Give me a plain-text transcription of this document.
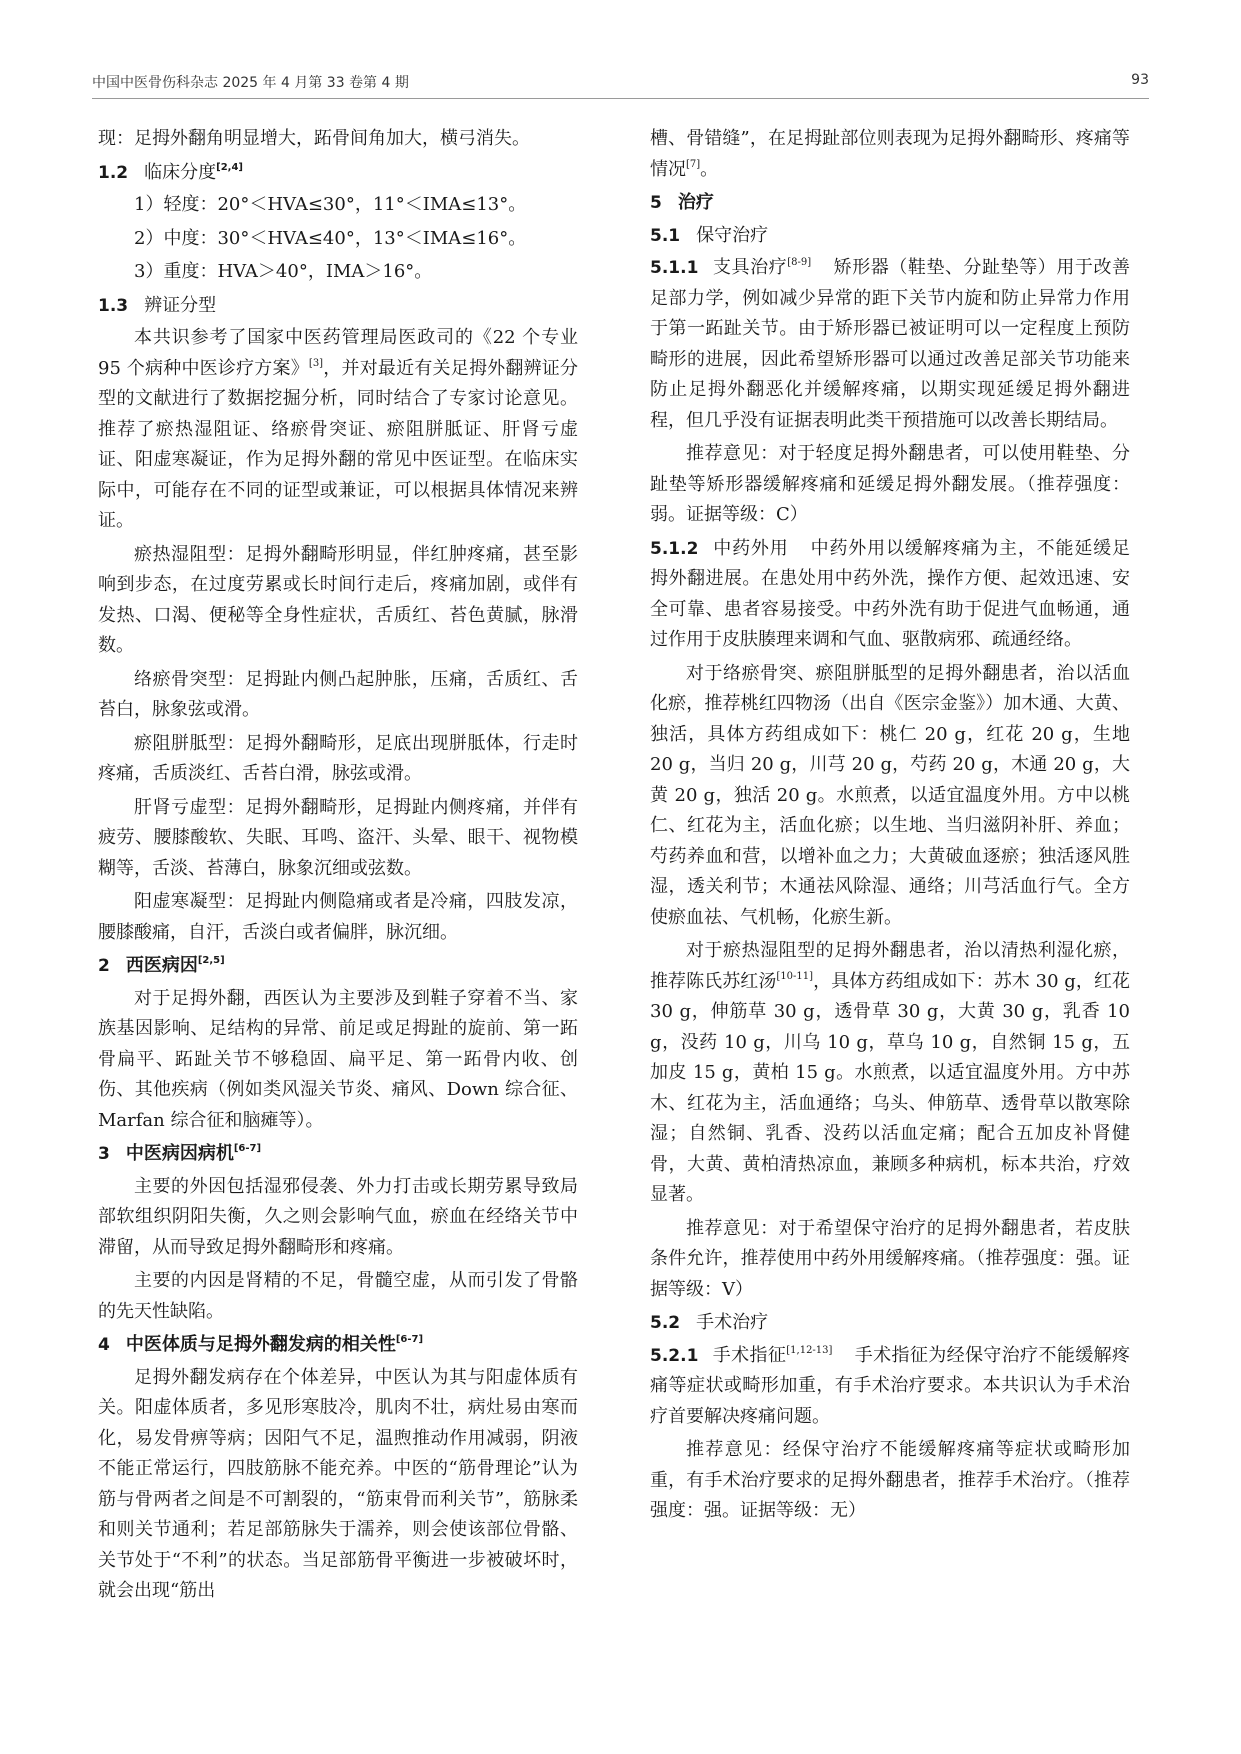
中国中医骨伤科杂志 2025 年 4 月第 33 卷第 4 期	93

现：足拇外翻角明显增大，跖骨间角加大，横弓消失。

1.2 临床分度[2,4]

1）轻度：20°＜HVA≤30°，11°＜IMA≤13°。

2）中度：30°＜HVA≤40°，13°＜IMA≤16°。

3）重度：HVA＞40°，IMA＞16°。

1.3 辨证分型

本共识参考了国家中医药管理局医政司的《22 个专业 95 个病种中医诊疗方案》[3]，并对最近有关足拇外翻辨证分型的文献进行了数据挖掘分析，同时结合了专家讨论意见。推荐了瘀热湿阻证、络瘀骨突证、瘀阻胼胝证、肝肾亏虚证、阳虚寒凝证，作为足拇外翻的常见中医证型。在临床实际中，可能存在不同的证型或兼证，可以根据具体情况来辨证。

瘀热湿阻型：足拇外翻畸形明显，伴红肿疼痛，甚至影响到步态，在过度劳累或长时间行走后，疼痛加剧，或伴有发热、口渴、便秘等全身性症状，舌质红、苔色黄腻，脉滑数。

络瘀骨突型：足拇趾内侧凸起肿胀，压痛，舌质红、舌苔白，脉象弦或滑。

瘀阻胼胝型：足拇外翻畸形，足底出现胼胝体，行走时疼痛，舌质淡红、舌苔白滑，脉弦或滑。

肝肾亏虚型：足拇外翻畸形，足拇趾内侧疼痛，并伴有疲劳、腰膝酸软、失眠、耳鸣、盗汗、头晕、眼干、视物模糊等，舌淡、苔薄白，脉象沉细或弦数。

阳虚寒凝型：足拇趾内侧隐痛或者是冷痛，四肢发凉，腰膝酸痛，自汗，舌淡白或者偏胖，脉沉细。

2 西医病因[2,5]

对于足拇外翻，西医认为主要涉及到鞋子穿着不当、家族基因影响、足结构的异常、前足或足拇趾的旋前、第一跖骨扁平、跖趾关节不够稳固、扁平足、第一跖骨内收、创伤、其他疾病（例如类风湿关节炎、痛风、Down 综合征、Marfan 综合征和脑瘫等）。

3 中医病因病机[6-7]

主要的外因包括湿邪侵袭、外力打击或长期劳累导致局部软组织阴阳失衡，久之则会影响气血，瘀血在经络关节中滞留，从而导致足拇外翻畸形和疼痛。

主要的内因是肾精的不足，骨髓空虚，从而引发了骨骼的先天性缺陷。

4 中医体质与足拇外翻发病的相关性[6-7]

足拇外翻发病存在个体差异，中医认为其与阳虚体质有关。阳虚体质者，多见形寒肢冷，肌肉不壮，病灶易由寒而化，易发骨痹等病；因阳气不足，温煦推动作用减弱，阴液不能正常运行，四肢筋脉不能充养。中医的“筋骨理论”认为筋与骨两者之间是不可割裂的，“筋束骨而利关节”，筋脉柔和则关节通利；若足部筋脉失于濡养，则会使该部位骨骼、关节处于“不利”的状态。当足部筋骨平衡进一步被破坏时，就会出现“筋出

槽、骨错缝”，在足拇趾部位则表现为足拇外翻畸形、疼痛等情况[7]。

5 治疗
5.1 保守治疗

5.1.1 支具治疗[8-9] 矫形器（鞋垫、分趾垫等）用于改善足部力学，例如减少异常的距下关节内旋和防止异常力作用于第一跖趾关节。由于矫形器已被证明可以一定程度上预防畸形的进展，因此希望矫形器可以通过改善足部关节功能来防止足拇外翻恶化并缓解疼痛，以期实现延缓足拇外翻进程，但几乎没有证据表明此类干预措施可以改善长期结局。

推荐意见：对于轻度足拇外翻患者，可以使用鞋垫、分趾垫等矫形器缓解疼痛和延缓足拇外翻发展。（推荐强度：弱。证据等级：C）

5.1.2 中药外用 中药外用以缓解疼痛为主，不能延缓足拇外翻进展。在患处用中药外洗，操作方便、起效迅速、安全可靠、患者容易接受。中药外洗有助于促进气血畅通，通过作用于皮肤腠理来调和气血、驱散病邪、疏通经络。

对于络瘀骨突、瘀阻胼胝型的足拇外翻患者，治以活血化瘀，推荐桃红四物汤（出自《医宗金鉴》）加木通、大黄、独活，具体方药组成如下：桃仁 20 g，红花 20 g，生地 20 g，当归 20 g，川芎 20 g，芍药 20 g，木通 20 g，大黄 20 g，独活 20 g。水煎煮，以适宜温度外用。方中以桃仁、红花为主，活血化瘀；以生地、当归滋阴补肝、养血；芍药养血和营，以增补血之力；大黄破血逐瘀；独活逐风胜湿，透关利节；木通祛风除湿、通络；川芎活血行气。全方使瘀血祛、气机畅，化瘀生新。

对于瘀热湿阻型的足拇外翻患者，治以清热利湿化瘀，推荐陈氏苏红汤[10-11]，具体方药组成如下：苏木 30 g，红花 30 g，伸筋草 30 g，透骨草 30 g，大黄 30 g，乳香 10 g，没药 10 g，川乌 10 g，草乌 10 g，自然铜 15 g，五加皮 15 g，黄柏 15 g。水煎煮，以适宜温度外用。方中苏木、红花为主，活血通络；乌头、伸筋草、透骨草以散寒除湿；自然铜、乳香、没药以活血定痛；配合五加皮补肾健骨，大黄、黄柏清热凉血，兼顾多种病机，标本共治，疗效显著。

推荐意见：对于希望保守治疗的足拇外翻患者，若皮肤条件允许，推荐使用中药外用缓解疼痛。（推荐强度：强。证据等级：Ⅴ）

5.2 手术治疗

5.2.1 手术指征[1,12-13] 手术指征为经保守治疗不能缓解疼痛等症状或畸形加重，有手术治疗要求。本共识认为手术治疗首要解决疼痛问题。

推荐意见：经保守治疗不能缓解疼痛等症状或畸形加重，有手术治疗要求的足拇外翻患者，推荐手术治疗。（推荐强度：强。证据等级：无）
